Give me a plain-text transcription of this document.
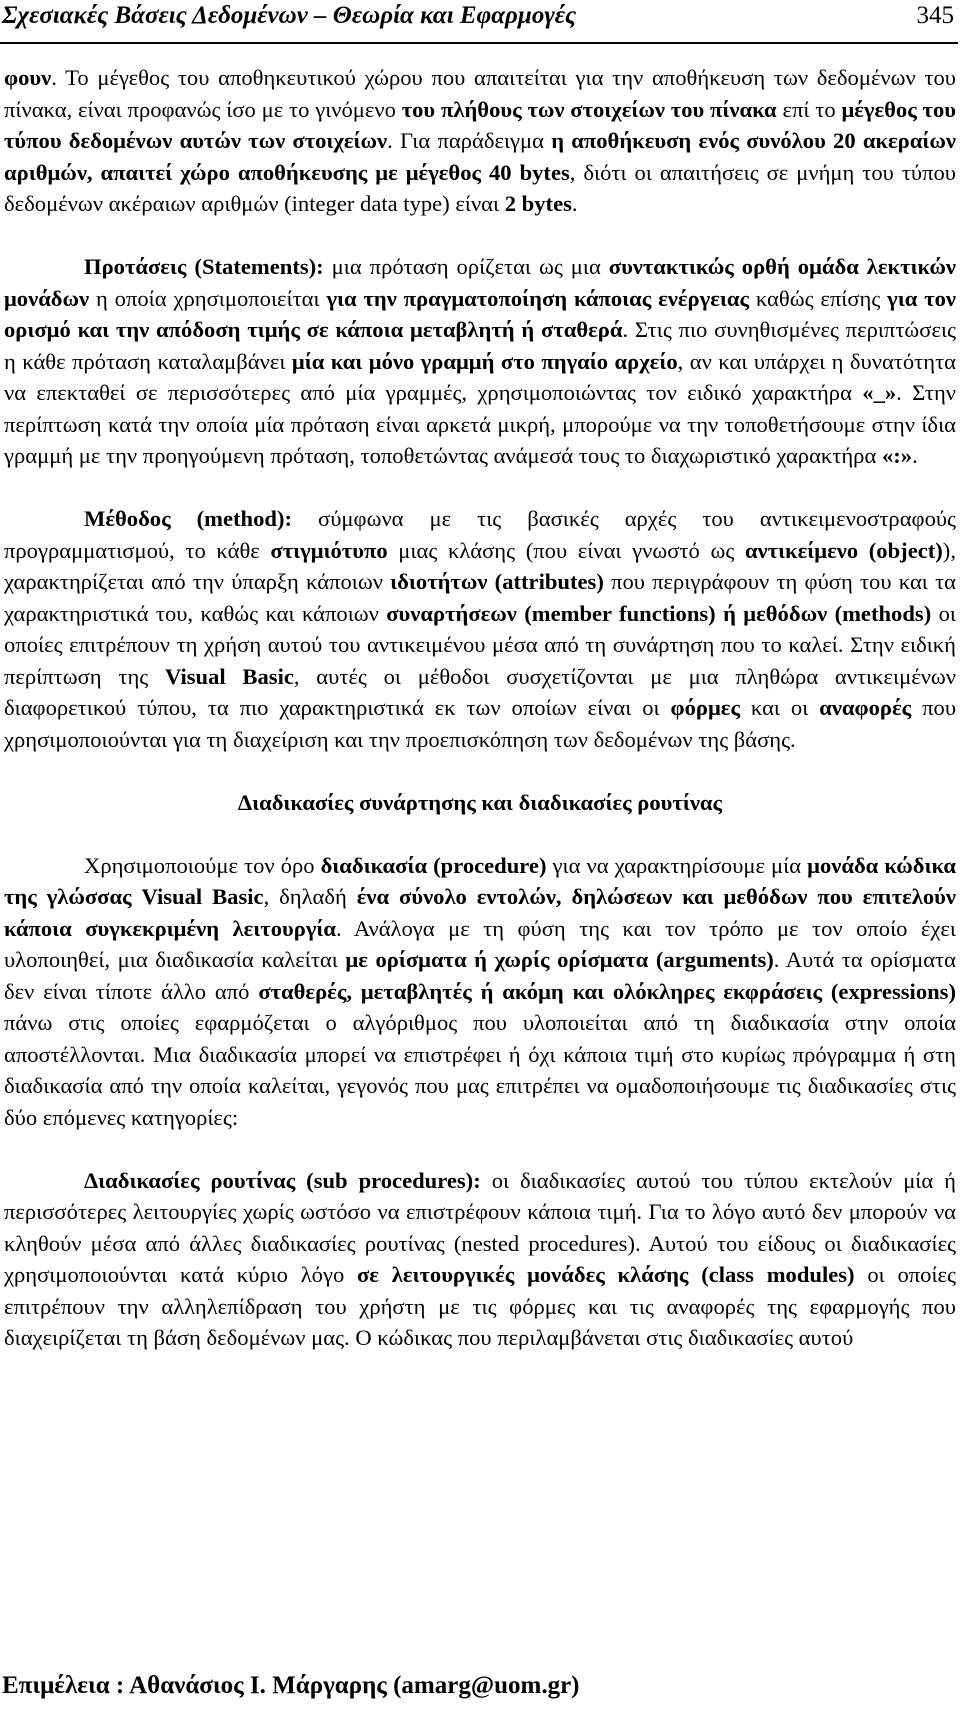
Σχεσιακές Βάσεις Δεδομένων – Θεωρία και Εφαρμογές	345

φουν. Το μέγεθος του αποθηκευτικού χώρου που απαιτείται για την αποθήκευση των δεδομένων του πίνακα, είναι προφανώς ίσο με το γινόμενο του πλήθους των στοιχείων του πίνακα επί το μέγεθος του τύπου δεδομένων αυτών των στοιχείων. Για παράδειγμα η αποθήκευση ενός συνόλου 20 ακεραίων αριθμών, απαιτεί χώρο αποθήκευσης με μέγεθος 40 bytes, διότι οι απαιτήσεις σε μνήμη του τύπου δεδομένων ακέραιων αριθμών (integer data type) είναι 2 bytes.

Προτάσεις (Statements): μια πρόταση ορίζεται ως μια συντακτικώς ορθή ομάδα λεκτικών μονάδων η οποία χρησιμοποιείται για την πραγματοποίηση κάποιας ενέργειας καθώς επίσης για τον ορισμό και την απόδοση τιμής σε κάποια μεταβλητή ή σταθερά. Στις πιο συνηθισμένες περιπτώσεις η κάθε πρόταση καταλαμβάνει μία και μόνο γραμμή στο πηγαίο αρχείο, αν και υπάρχει η δυνατότητα να επεκταθεί σε περισσότερες από μία γραμμές, χρησιμοποιώντας τον ειδικό χαρακτήρα «_». Στην περίπτωση κατά την οποία μία πρόταση είναι αρκετά μικρή, μπορούμε να την τοποθετήσουμε στην ίδια γραμμή με την προηγούμενη πρόταση, τοποθετώντας ανάμεσά τους το διαχωριστικό χαρακτήρα «:».

Μέθοδος (method): σύμφωνα με τις βασικές αρχές του αντικειμενοστραφούς προγραμματισμού, το κάθε στιγμιότυπο μιας κλάσης (που είναι γνωστό ως αντικείμενο (object)), χαρακτηρίζεται από την ύπαρξη κάποιων ιδιοτήτων (attributes) που περιγράφουν τη φύση του και τα χαρακτηριστικά του, καθώς και κάποιων συναρτήσεων (member functions) ή μεθόδων (methods) οι οποίες επιτρέπουν τη χρήση αυτού του αντικειμένου μέσα από τη συνάρτηση που το καλεί. Στην ειδική περίπτωση της Visual Basic, αυτές οι μέθοδοι συσχετίζονται με μια πληθώρα αντικειμένων διαφορετικού τύπου, τα πιο χαρακτηριστικά εκ των οποίων είναι οι φόρμες και οι αναφορές που χρησιμοποιούνται για τη διαχείριση και την προεπισκόπηση των δεδομένων της βάσης.

Διαδικασίες συνάρτησης και διαδικασίες ρουτίνας

Χρησιμοποιούμε τον όρο διαδικασία (procedure) για να χαρακτηρίσουμε μία μονάδα κώδικα της γλώσσας Visual Basic, δηλαδή ένα σύνολο εντολών, δηλώσεων και μεθόδων που επιτελούν κάποια συγκεκριμένη λειτουργία. Ανάλογα με τη φύση της και τον τρόπο με τον οποίο έχει υλοποιηθεί, μια διαδικασία καλείται με ορίσματα ή χωρίς ορίσματα (arguments). Αυτά τα ορίσματα δεν είναι τίποτε άλλο από σταθερές, μεταβλητές ή ακόμη και ολόκληρες εκφράσεις (expressions) πάνω στις οποίες εφαρμόζεται ο αλγόριθμος που υλοποιείται από τη διαδικασία στην οποία αποστέλλονται. Μια διαδικασία μπορεί να επιστρέφει ή όχι κάποια τιμή στο κυρίως πρόγραμμα ή στη διαδικασία από την οποία καλείται, γεγονός που μας επιτρέπει να ομαδοποιήσουμε τις διαδικασίες στις δύο επόμενες κατηγορίες:

Διαδικασίες ρουτίνας (sub procedures): οι διαδικασίες αυτού του τύπου εκτελούν μία ή περισσότερες λειτουργίες χωρίς ωστόσο να επιστρέφουν κάποια τιμή. Για το λόγο αυτό δεν μπορούν να κληθούν μέσα από άλλες διαδικασίες ρουτίνας (nested procedures). Αυτού του είδους οι διαδικασίες χρησιμοποιούνται κατά κύριο λόγο σε λειτουργικές μονάδες κλάσης (class modules) οι οποίες επιτρέπουν την αλληλεπίδραση του χρήστη με τις φόρμες και τις αναφορές της εφαρμογής που διαχειρίζεται τη βάση δεδομένων μας. Ο κώδικας που περιλαμβάνεται στις διαδικασίες αυτού

Επιμέλεια : Αθανάσιος Ι. Μάργαρης (amarg@uom.gr)
